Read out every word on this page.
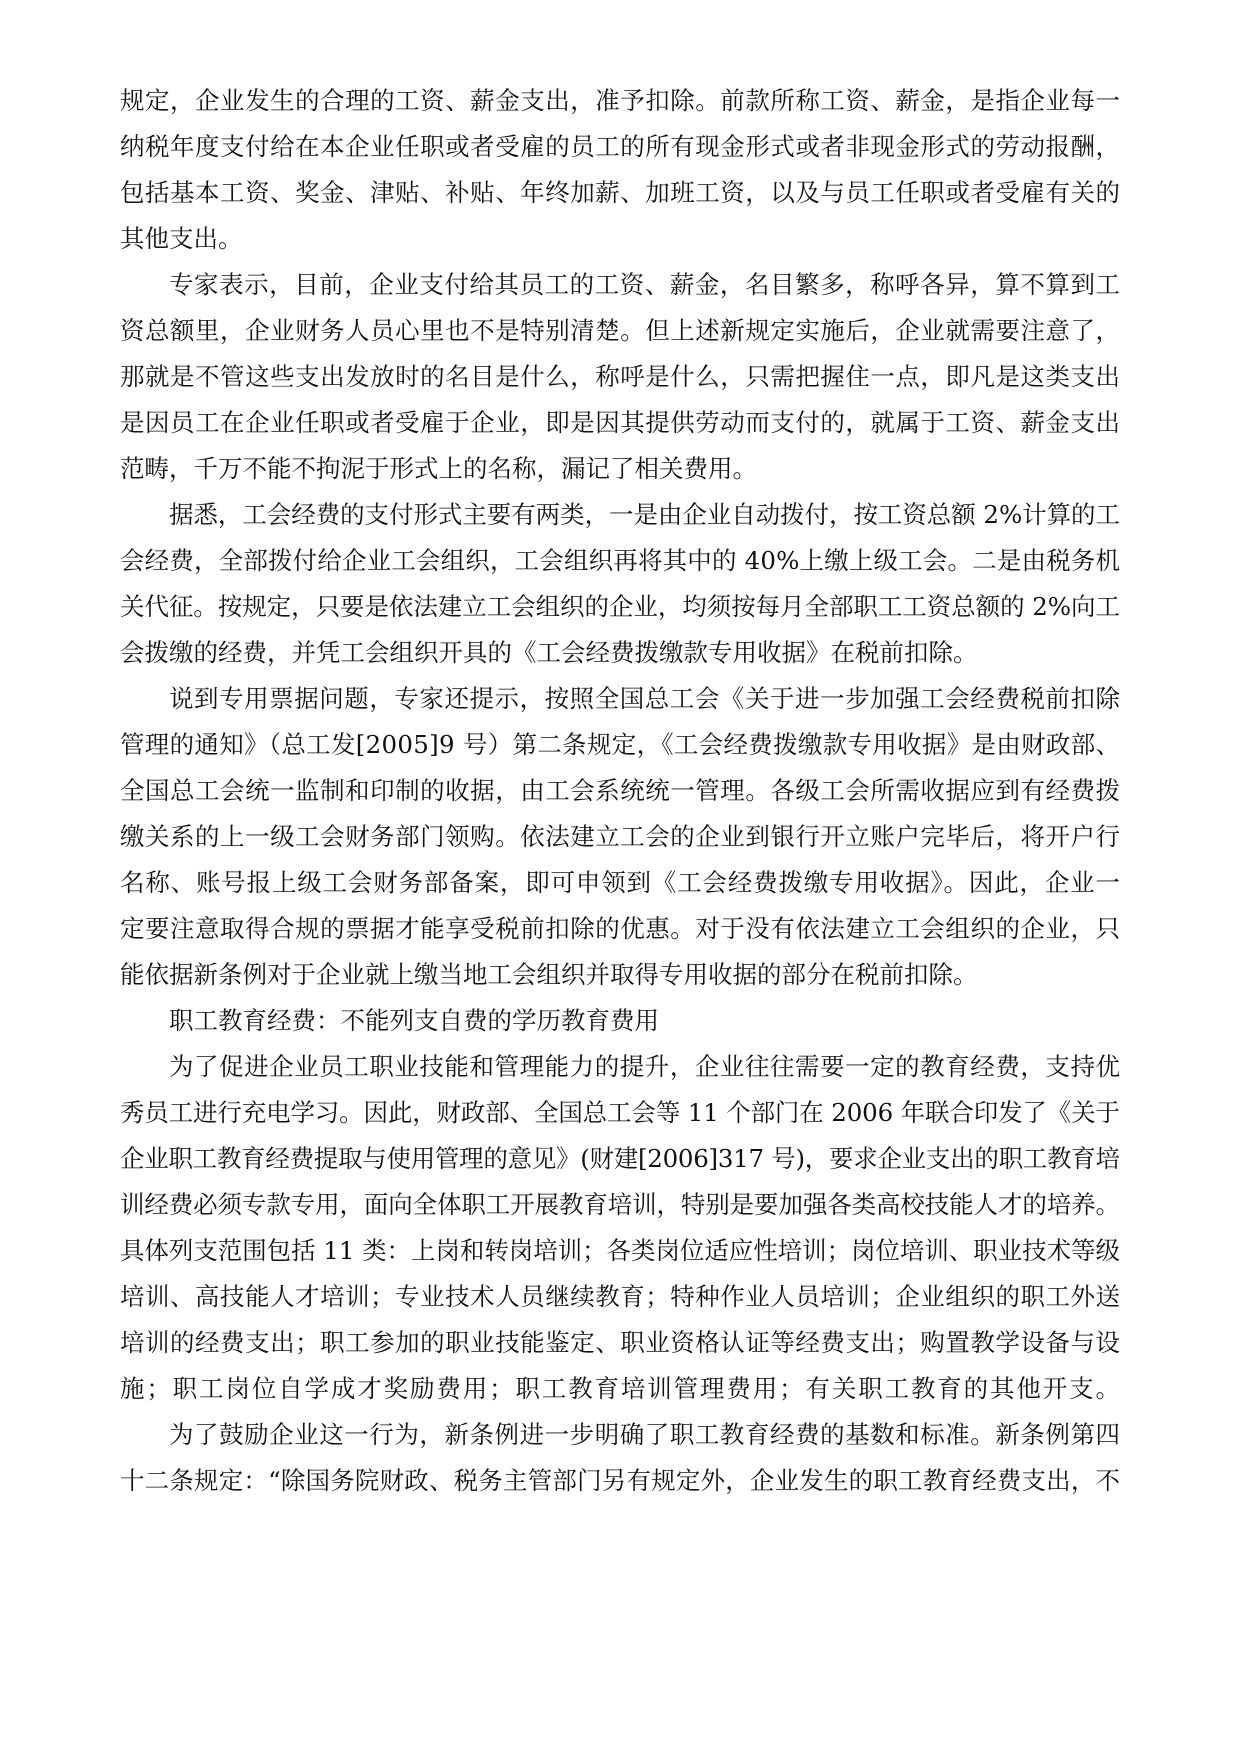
规定，企业发生的合理的工资、薪金支出，准予扣除。前款所称工资、薪金，是指企业每一

纳税年度支付给在本企业任职或者受雇的员工的所有现金形式或者非现金形式的劳动报酬，

包括基本工资、奖金、津贴、补贴、年终加薪、加班工资，以及与员工任职或者受雇有关的

其他支出。

专家表示，目前，企业支付给其员工的工资、薪金，名目繁多，称呼各异，算不算到工

资总额里，企业财务人员心里也不是特别清楚。但上述新规定实施后，企业就需要注意了，

那就是不管这些支出发放时的名目是什么，称呼是什么，只需把握住一点，即凡是这类支出

是因员工在企业任职或者受雇于企业，即是因其提供劳动而支付的，就属于工资、薪金支出

范畴，千万不能不拘泥于形式上的名称，漏记了相关费用。

据悉，工会经费的支付形式主要有两类，一是由企业自动拨付，按工资总额 2%计算的工

会经费，全部拨付给企业工会组织，工会组织再将其中的 40%上缴上级工会。二是由税务机

关代征。按规定，只要是依法建立工会组织的企业，均须按每月全部职工工资总额的 2%向工

会拨缴的经费，并凭工会组织开具的《工会经费拨缴款专用收据》在税前扣除。

说到专用票据问题，专家还提示，按照全国总工会《关于进一步加强工会经费税前扣除

管理的通知》（总工发[2005]9 号）第二条规定，《工会经费拨缴款专用收据》是由财政部、

全国总工会统一监制和印制的收据，由工会系统统一管理。各级工会所需收据应到有经费拨

缴关系的上一级工会财务部门领购。依法建立工会的企业到银行开立账户完毕后，将开户行

名称、账号报上级工会财务部备案，即可申领到《工会经费拨缴专用收据》。因此，企业一

定要注意取得合规的票据才能享受税前扣除的优惠。对于没有依法建立工会组织的企业，只

能依据新条例对于企业就上缴当地工会组织并取得专用收据的部分在税前扣除。

职工教育经费：不能列支自费的学历教育费用

为了促进企业员工职业技能和管理能力的提升，企业往往需要一定的教育经费，支持优

秀员工进行充电学习。因此，财政部、全国总工会等 11 个部门在 2006 年联合印发了《关于

企业职工教育经费提取与使用管理的意见》(财建[2006]317 号)，要求企业支出的职工教育培

训经费必须专款专用，面向全体职工开展教育培训，特别是要加强各类高校技能人才的培养。

具体列支范围包括 11 类：上岗和转岗培训；各类岗位适应性培训；岗位培训、职业技术等级

培训、高技能人才培训；专业技术人员继续教育；特种作业人员培训；企业组织的职工外送

培训的经费支出；职工参加的职业技能鉴定、职业资格认证等经费支出；购置教学设备与设

施；职工岗位自学成才奖励费用；职工教育培训管理费用；有关职工教育的其他开支。

为了鼓励企业这一行为，新条例进一步明确了职工教育经费的基数和标准。新条例第四

十二条规定：“除国务院财政、税务主管部门另有规定外，企业发生的职工教育经费支出，不
